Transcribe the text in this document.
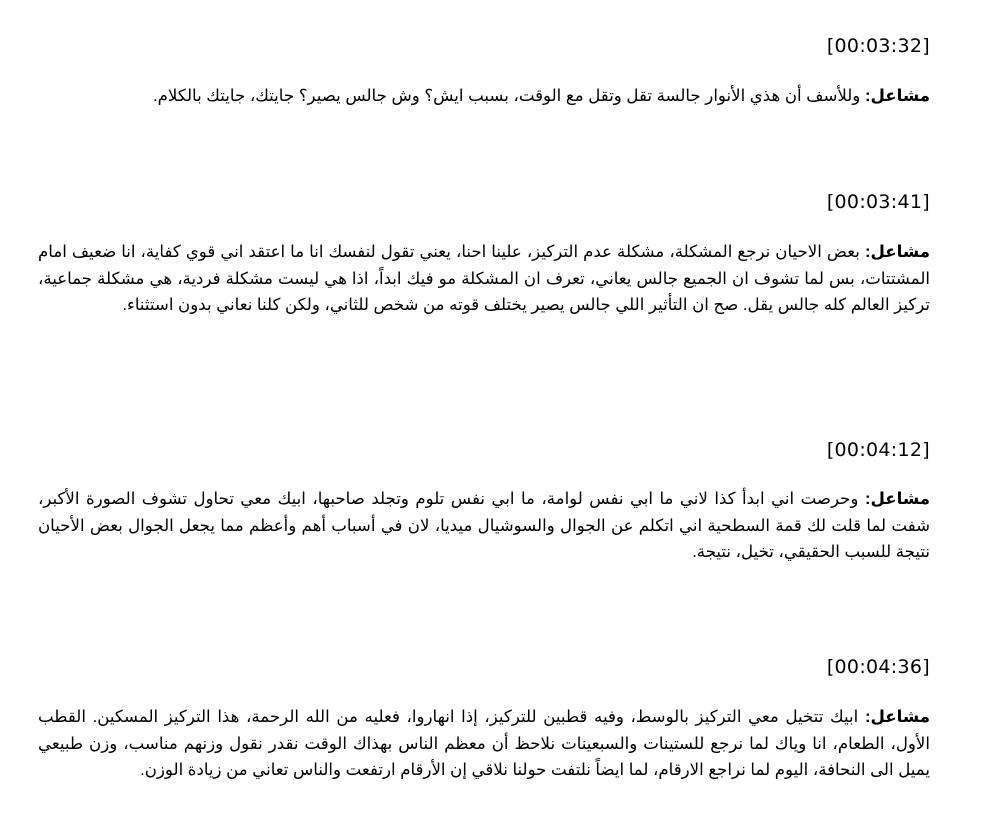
[00:03:32]

مشاعل: وللأسف أن هذي الأنوار جالسة تقل وتقل مع الوقت، بسبب ايش؟ وش جالس يصير؟ جايتك، جايتك بالكلام.

[00:03:41]

مشاعل: بعض الاحيان نرجع المشكلة، مشكلة عدم التركيز، علينا احنا، يعني تقول لنفسك انا ما اعتقد اني قوي كفاية، انا ضعيف امام المشتتات، بس لما تشوف ان الجميع جالس يعاني، تعرف ان المشكلة مو فيك ابداً، اذا هي ليست مشكلة فردية، هي مشكلة جماعية، تركيز العالم كله جالس يقل. صح ان التأثير اللي جالس يصير يختلف قوته من شخص للثاني، ولكن كلنا نعاني بدون استثناء.

[00:04:12]

مشاعل: وحرصت اني ابدأ كذا لاني ما ابي نفس لوامة، ما ابي نفس تلوم وتجلد صاحبها، ابيك معي تحاول تشوف الصورة الأكبر، شفت لما قلت لك قمة السطحية اني اتكلم عن الجوال والسوشيال ميديا، لان في أسباب أهم وأعظم مما يجعل الجوال بعض الأحيان نتيجة للسبب الحقيقي، تخيل، نتيجة.

[00:04:36]

مشاعل: ابيك تتخيل معي التركيز بالوسط، وفيه قطبين للتركيز، إذا انهاروا، فعليه من الله الرحمة، هذا التركيز المسكين. القطب الأول، الطعام، انا وياك لما نرجع للستينات والسبعينات نلاحظ أن معظم الناس بهذاك الوقت نقدر نقول وزنهم مناسب، وزن طبيعي يميل الى النحافة، اليوم لما نراجع الارقام، لما ايضاً نلتفت حولنا نلاقي إن الأرقام ارتفعت والناس تعاني من زيادة الوزن.
